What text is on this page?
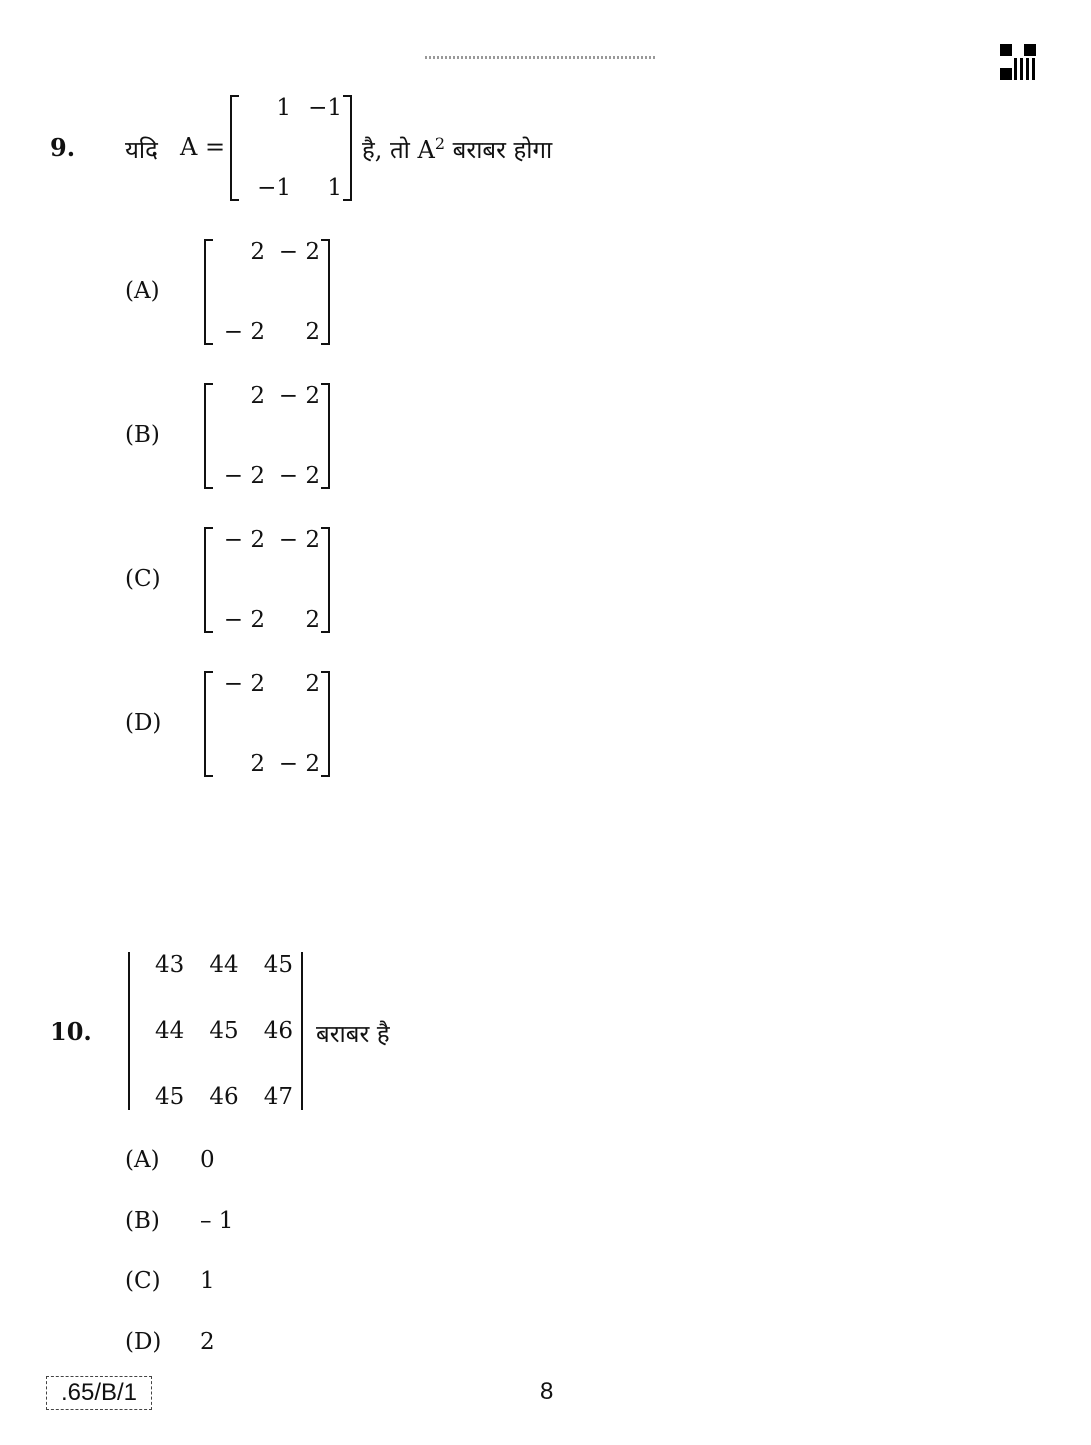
9. यदि A =
1 −1
−1	1
है, तो $A^2$ बराबर होगा
(A)
2 − 2
− 2	2
(B)
2 − 2
− 2 − 2
(C)
− 2 − 2
− 2	2
(D)
− 2	2
2 − 2
10.
43	44	45
44	45	46
45	46	47
बराबर है
(A) 0
(B) – 1
(C) 1
(D) 2
.65/B/1	8
